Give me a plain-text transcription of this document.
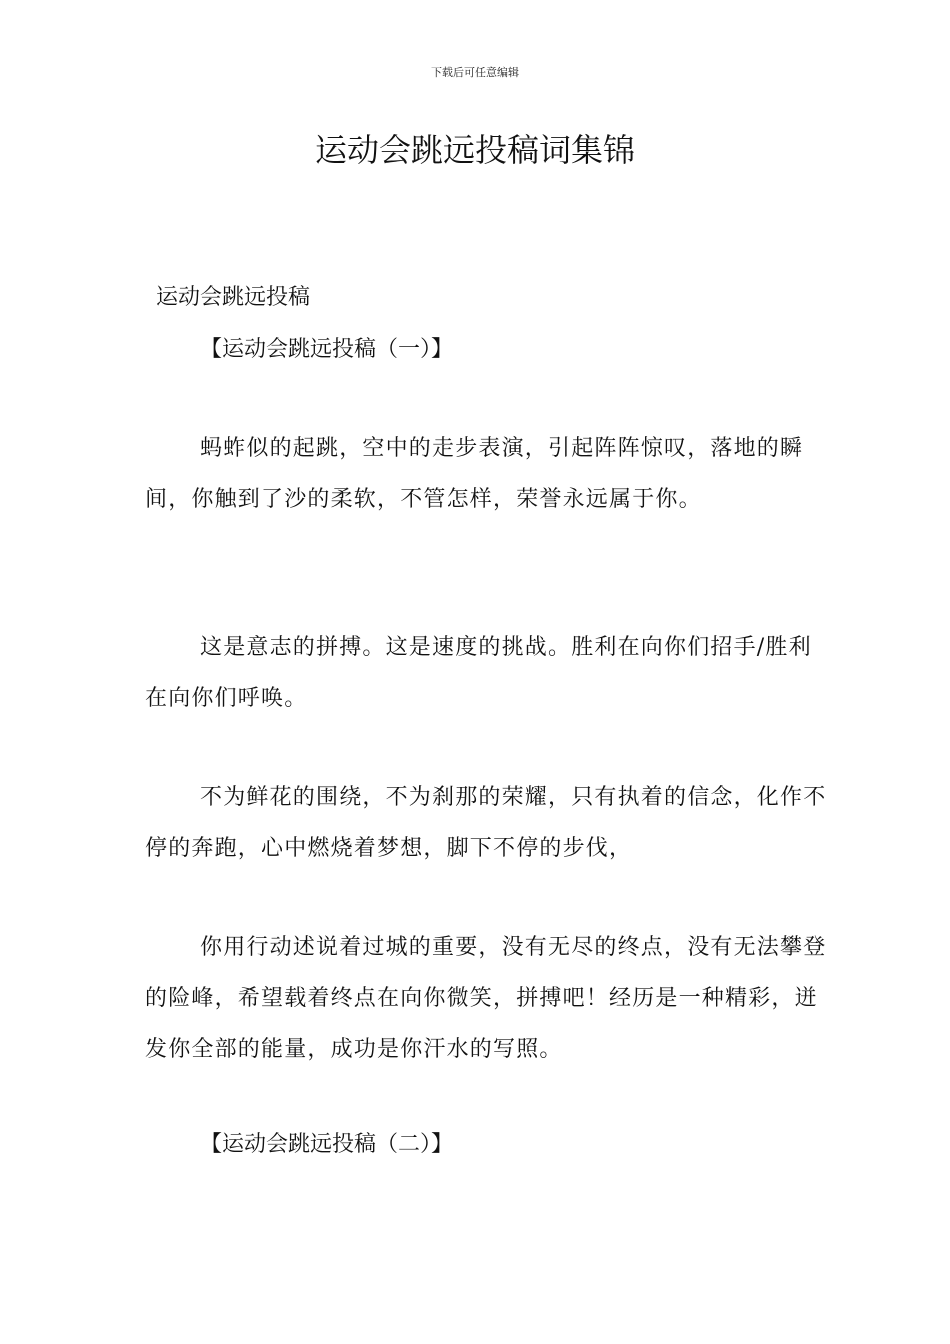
下载后可任意编辑
运动会跳远投稿词集锦
运动会跳远投稿
【运动会跳远投稿（一）】

蚂蚱似的起跳，空中的走步表演，引起阵阵惊叹，落地的瞬间，你触到了沙的柔软，不管怎样，荣誉永远属于你。

这是意志的拼搏。这是速度的挑战。胜利在向你们招手/胜利在向你们呼唤。

不为鲜花的围绕，不为刹那的荣耀，只有执着的信念，化作不停的奔跑，心中燃烧着梦想，脚下不停的步伐，

你用行动述说着过城的重要，没有无尽的终点，没有无法攀登的险峰，希望载着终点在向你微笑，拼搏吧！经历是一种精彩，迸发你全部的能量，成功是你汗水的写照。

【运动会跳远投稿（二）】
